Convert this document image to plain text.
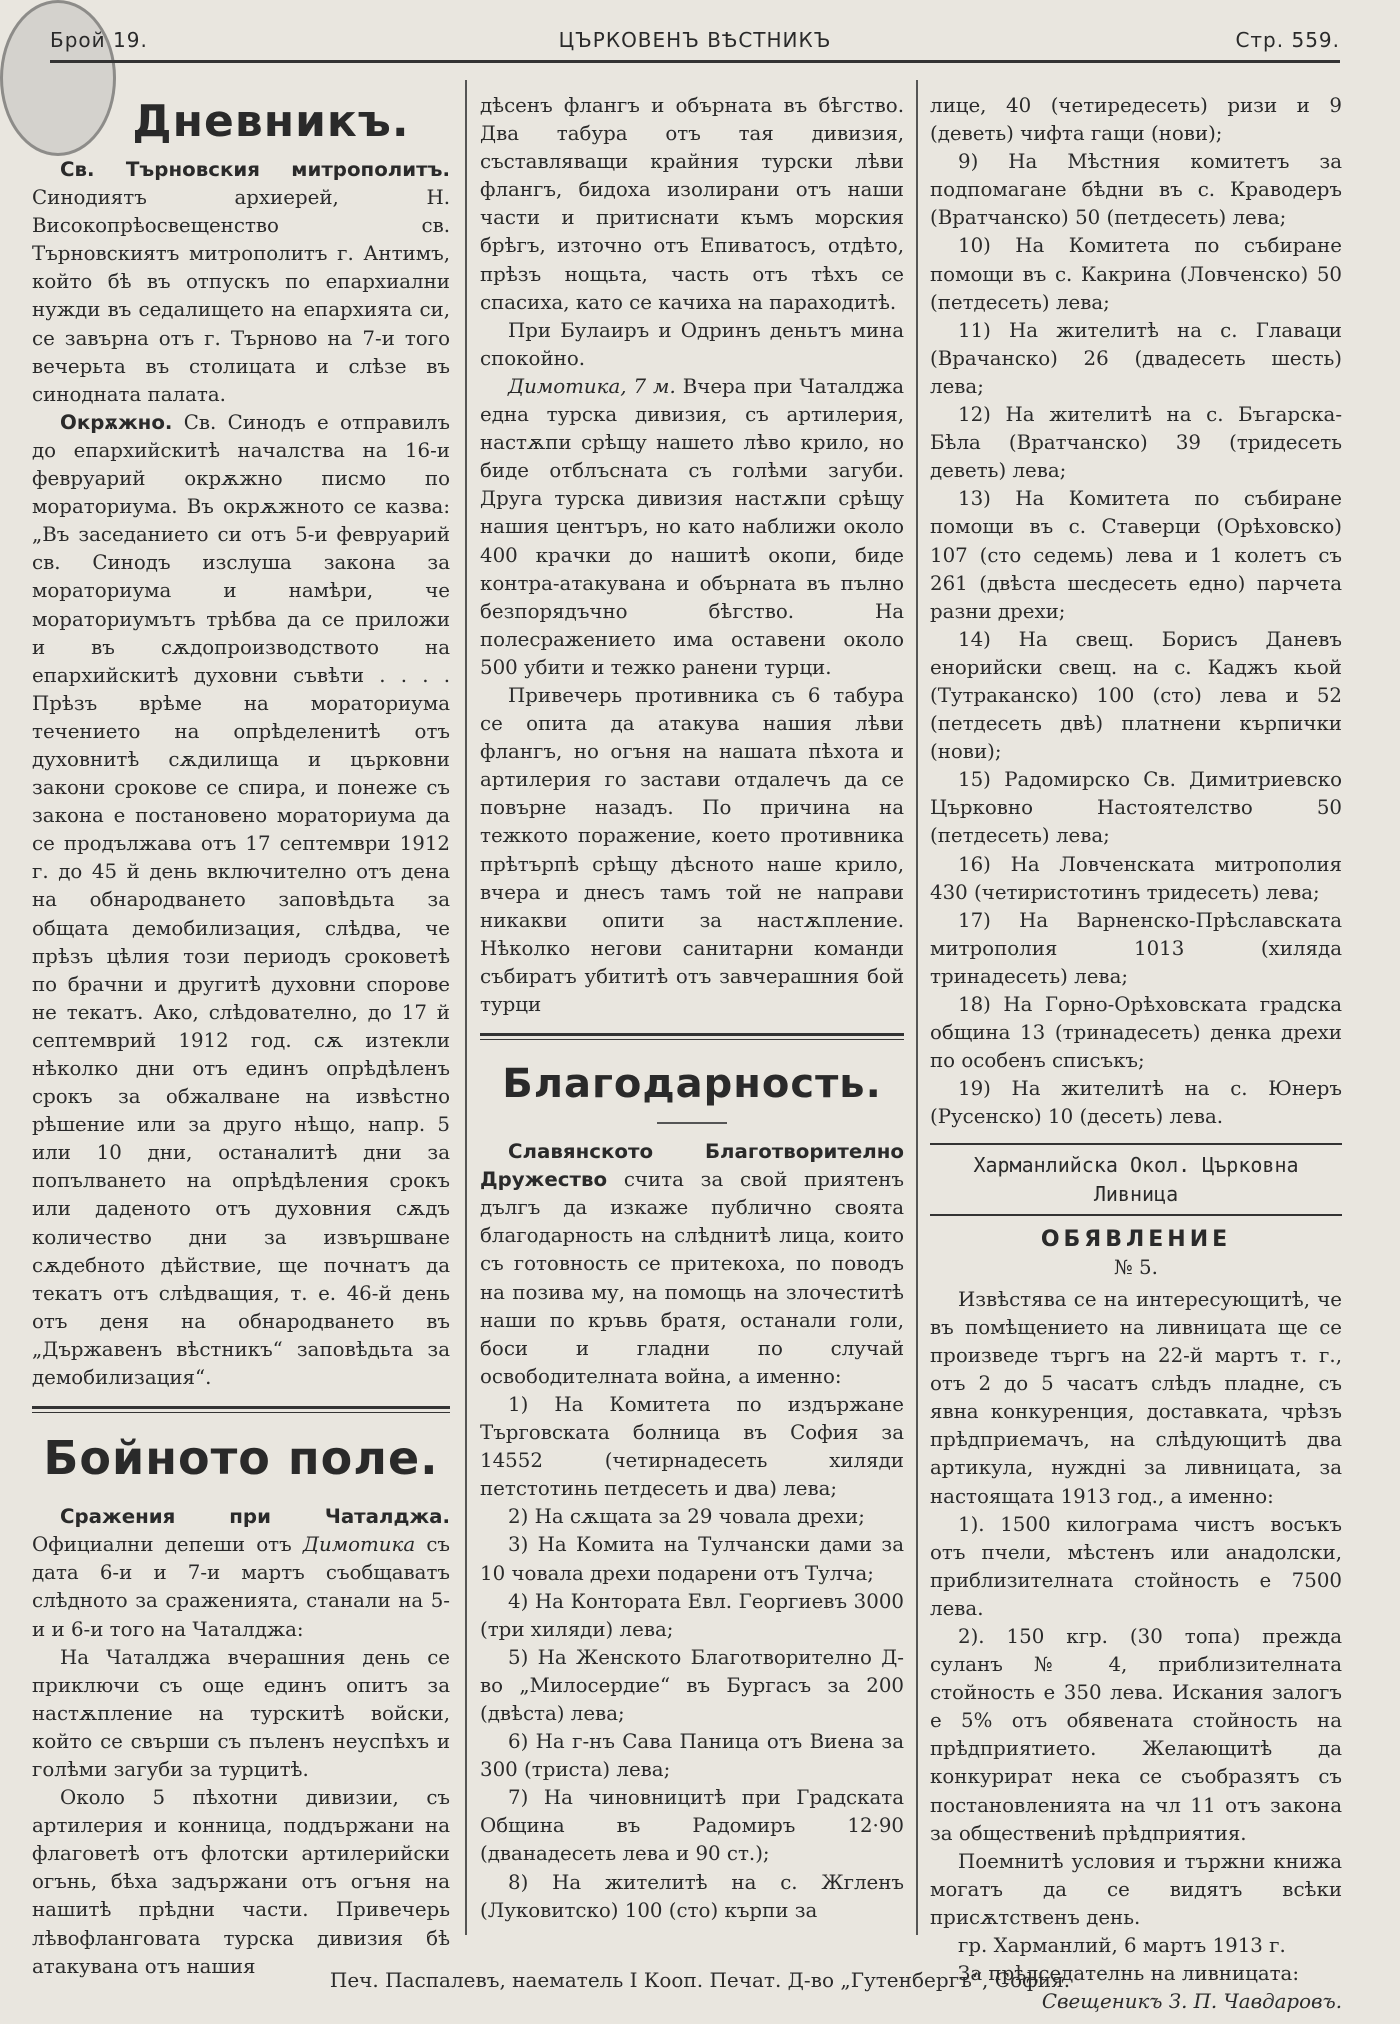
Брой 19.	ЦЪРКОВЕНЪ ВѢСТНИКЪ	Стр. 559.
Дневникъ.

Св. Търновския митрополитъ. Синодиятъ архиерей, Н. Високопрѣосвещенство св. Търновскиятъ митрополитъ г. Антимъ, който бѣ въ отпускъ по епархиални нужди въ седалището на епархията си, се завърна отъ г. Търново на 7-и того вечерьта въ столицата и слѣзе въ синодната палата.

Окрѫжно. Св. Синодъ е отправилъ до епархийскитѣ началства на 16-и февруарий окрѫжно писмо по мораториума. Въ окрѫжното се казва: „Въ заседанието си отъ 5-и февруарий св. Синодъ изслуша закона за мораториума и намѣри, че мораториумътъ трѣбва да се приложи и въ сѫдопроизводството на епархийскитѣ духовни съвѣти . . . . Прѣзъ врѣме на мораториума течението на опрѣделенитѣ отъ духовнитѣ сѫдилища и църковни закони срокове се спира, и понеже съ закона е постановено мораториума да се продължава отъ 17 септември 1912 г. до 45 й день включително отъ дена на обнародването заповѣдьта за общата демобилизация, слѣдва, че прѣзъ цѣлия този периодъ сроковетѣ по брачни и другитѣ духовни спорове не текатъ. Ако, слѣдователно, до 17 й септемврий 1912 год. сѫ изтекли нѣколко дни отъ единъ опрѣдѣленъ срокъ за обжалване на извѣстно рѣшение или за друго нѣщо, напр. 5 или 10 дни, останалитѣ дни за попълването на опрѣдѣления срокъ или даденото отъ духовния сѫдъ количество дни за извършване сѫдебното дѣйствие, ще почнатъ да текатъ отъ слѣдващия, т. е. 46-й день отъ деня на обнародването въ „Държавенъ вѣстникъ“ заповѣдьта за демобилизация“.

Бойното поле.

Сражения при Чаталджа. Официални депеши отъ Димотика съ дата 6-и и 7-и мартъ съобщаватъ слѣдното за сраженията, станали на 5-и и 6-и того на Чаталджа:

На Чаталджа вчерашния день се приключи съ още единъ опитъ за настѫпление на турскитѣ войски, който се свърши съ пъленъ неуспѣхъ и голѣми загуби за турцитѣ.

Около 5 пѣхотни дивизии, съ артилерия и конница, поддържани на флаговетѣ отъ флотски артилерийски огънь, бѣха задържани отъ огъня на нашитѣ прѣдни части. Привечерь лѣвофланговата турска дивизия бѣ атакувана отъ нашия

дѣсенъ флангъ и обърната въ бѣгство. Два табура отъ тая дивизия, съставляващи крайния турски лѣви флангъ, бидоха изолирани отъ наши части и притиснати къмъ морския брѣгъ, източно отъ Епиватосъ, отдѣто, прѣзъ нощьта, часть отъ тѣхъ се спасиха, като се качиха на параходитѣ.

При Булаиръ и Одринъ деньтъ мина спокойно.

Димотика, 7 м. Вчера при Чаталджа една турска дивизия, съ артилерия, настѫпи срѣщу нашето лѣво крило, но биде отблъсната съ голѣми загуби. Друга турска дивизия настѫпи срѣщу нашия центъръ, но като наближи около 400 крачки до нашитѣ окопи, биде контра-атакувана и обърната въ пълно безпорядъчно бѣгство. На полесражението има оставени около 500 убити и тежко ранени турци.

Привечерь противника съ 6 табура се опита да атакува нашия лѣви флангъ, но огъня на нашата пѣхота и артилерия го застави отдалечъ да се повърне назадъ. По причина на тежкото поражение, което противника прѣтърпѣ срѣщу дѣсното наше крило, вчера и днесъ тамъ той не направи никакви опити за настѫпление. Нѣколко негови санитарни команди събиратъ убититѣ отъ завчерашния бой турци

Благодарность.

Славянското Благотворително Дружество счита за свой приятенъ дългъ да изкаже публично своята благодарность на слѣднитѣ лица, които съ готовность се притекоха, по поводъ на позива му, на помощь на злочеститѣ наши по кръвь братя, останали голи, боси и гладни по случай освободителната война, а именно:

1) На Комитета по издържане Търговската болница въ София за 14552 (четирнадесеть хиляди петстотинь петдесеть и два) лева;

2) На сѫщата за 29 човала дрехи;

3) На Комита на Тулчански дами за 10 човала дрехи подарени отъ Тулча;

4) На Контората Евл. Георгиевъ 3000 (три хиляди) лева;

5) На Женското Благотворително Д-во „Милосердие“ въ Бургасъ за 200 (двѣста) лева;

6) На г-нъ Сава Паница отъ Виена за 300 (триста) лева;

7) На чиновницитѣ при Градската Община въ Радомиръ 12·90 (дванадесеть лева и 90 ст.);

8) На жителитѣ на с. Жгленъ (Луковитско) 100 (сто) кърпи за

лице, 40 (четиредесеть) ризи и 9 (деветь) чифта гащи (нови);

9) На Мѣстния комитетъ за подпомагане бѣдни въ с. Краводеръ (Вратчанско) 50 (петдесеть) лева;

10) На Комитета по събиране помощи въ с. Какрина (Ловченско) 50 (петдесеть) лева;

11) На жителитѣ на с. Главаци (Врачанско) 26 (двадесеть шесть) лева;

12) На жителитѣ на с. Бъгарска-Бѣла (Вратчанско) 39 (тридесеть деветь) лева;

13) На Комитета по събиране помощи въ с. Ставерци (Орѣховско) 107 (сто седемь) лева и 1 колетъ съ 261 (двѣста шесдесеть едно) парчета разни дрехи;

14) На свещ. Борисъ Даневъ енорийски свещ. на с. Каджъ кьой (Тутраканско) 100 (сто) лева и 52 (петдесеть двѣ) платнени кърпички (нови);

15) Радомирско Св. Димитриевско Църковно Настоятелство 50 (петдесеть) лева;

16) На Ловченската митрополия 430 (четиристотинъ тридесеть) лева;

17) На Варненско-Прѣславската митрополия 1013 (хиляда тринадесеть) лева;

18) На Горно-Орѣховската градска община 13 (тринадесеть) денка дрехи по особенъ списъкъ;

19) На жителитѣ на с. Юнеръ (Русенско) 10 (десеть) лева.

Харманлийска Окол. Църковна Ливница
ОБЯВЛЕНИЕ
№ 5.

Извѣстява се на интересующитѣ, че въ помѣщението на ливницата ще се произведе търгъ на 22-й мартъ т. г., отъ 2 до 5 часатъ слѣдъ пладне, съ явна конкуренция, доставката, чрѣзъ прѣдприемачъ, на слѣдующитѣ два артикула, нужднi за ливницата, за настоящата 1913 год., а именно:

1). 1500 килограма чистъ восъкъ отъ пчели, мѣстенъ или анадолски, приблизителната стойность е 7500 лева.

2). 150 кгр. (30 топа) прежда суланъ № 4, приблизителната стойность е 350 лева. Искания залогъ е 5% отъ обявената стойность на прѣдприятието. Желающитѣ да конкурират нека се съобразятъ съ постановленията на чл 11 отъ закона за обществениѣ прѣдприятия.

Поемнитѣ условия и тържни книжа могатъ да се видятъ всѣки присѫтственъ день.

гр. Харманлий, 6 мартъ 1913 г.

За прѣдседателнь на ливницата:

Свещеникъ З. П. Чавдаровъ.

Печ. Паспалевъ, наематель I Коoп. Печат. Д-во „Гутенбергъ“, София.
